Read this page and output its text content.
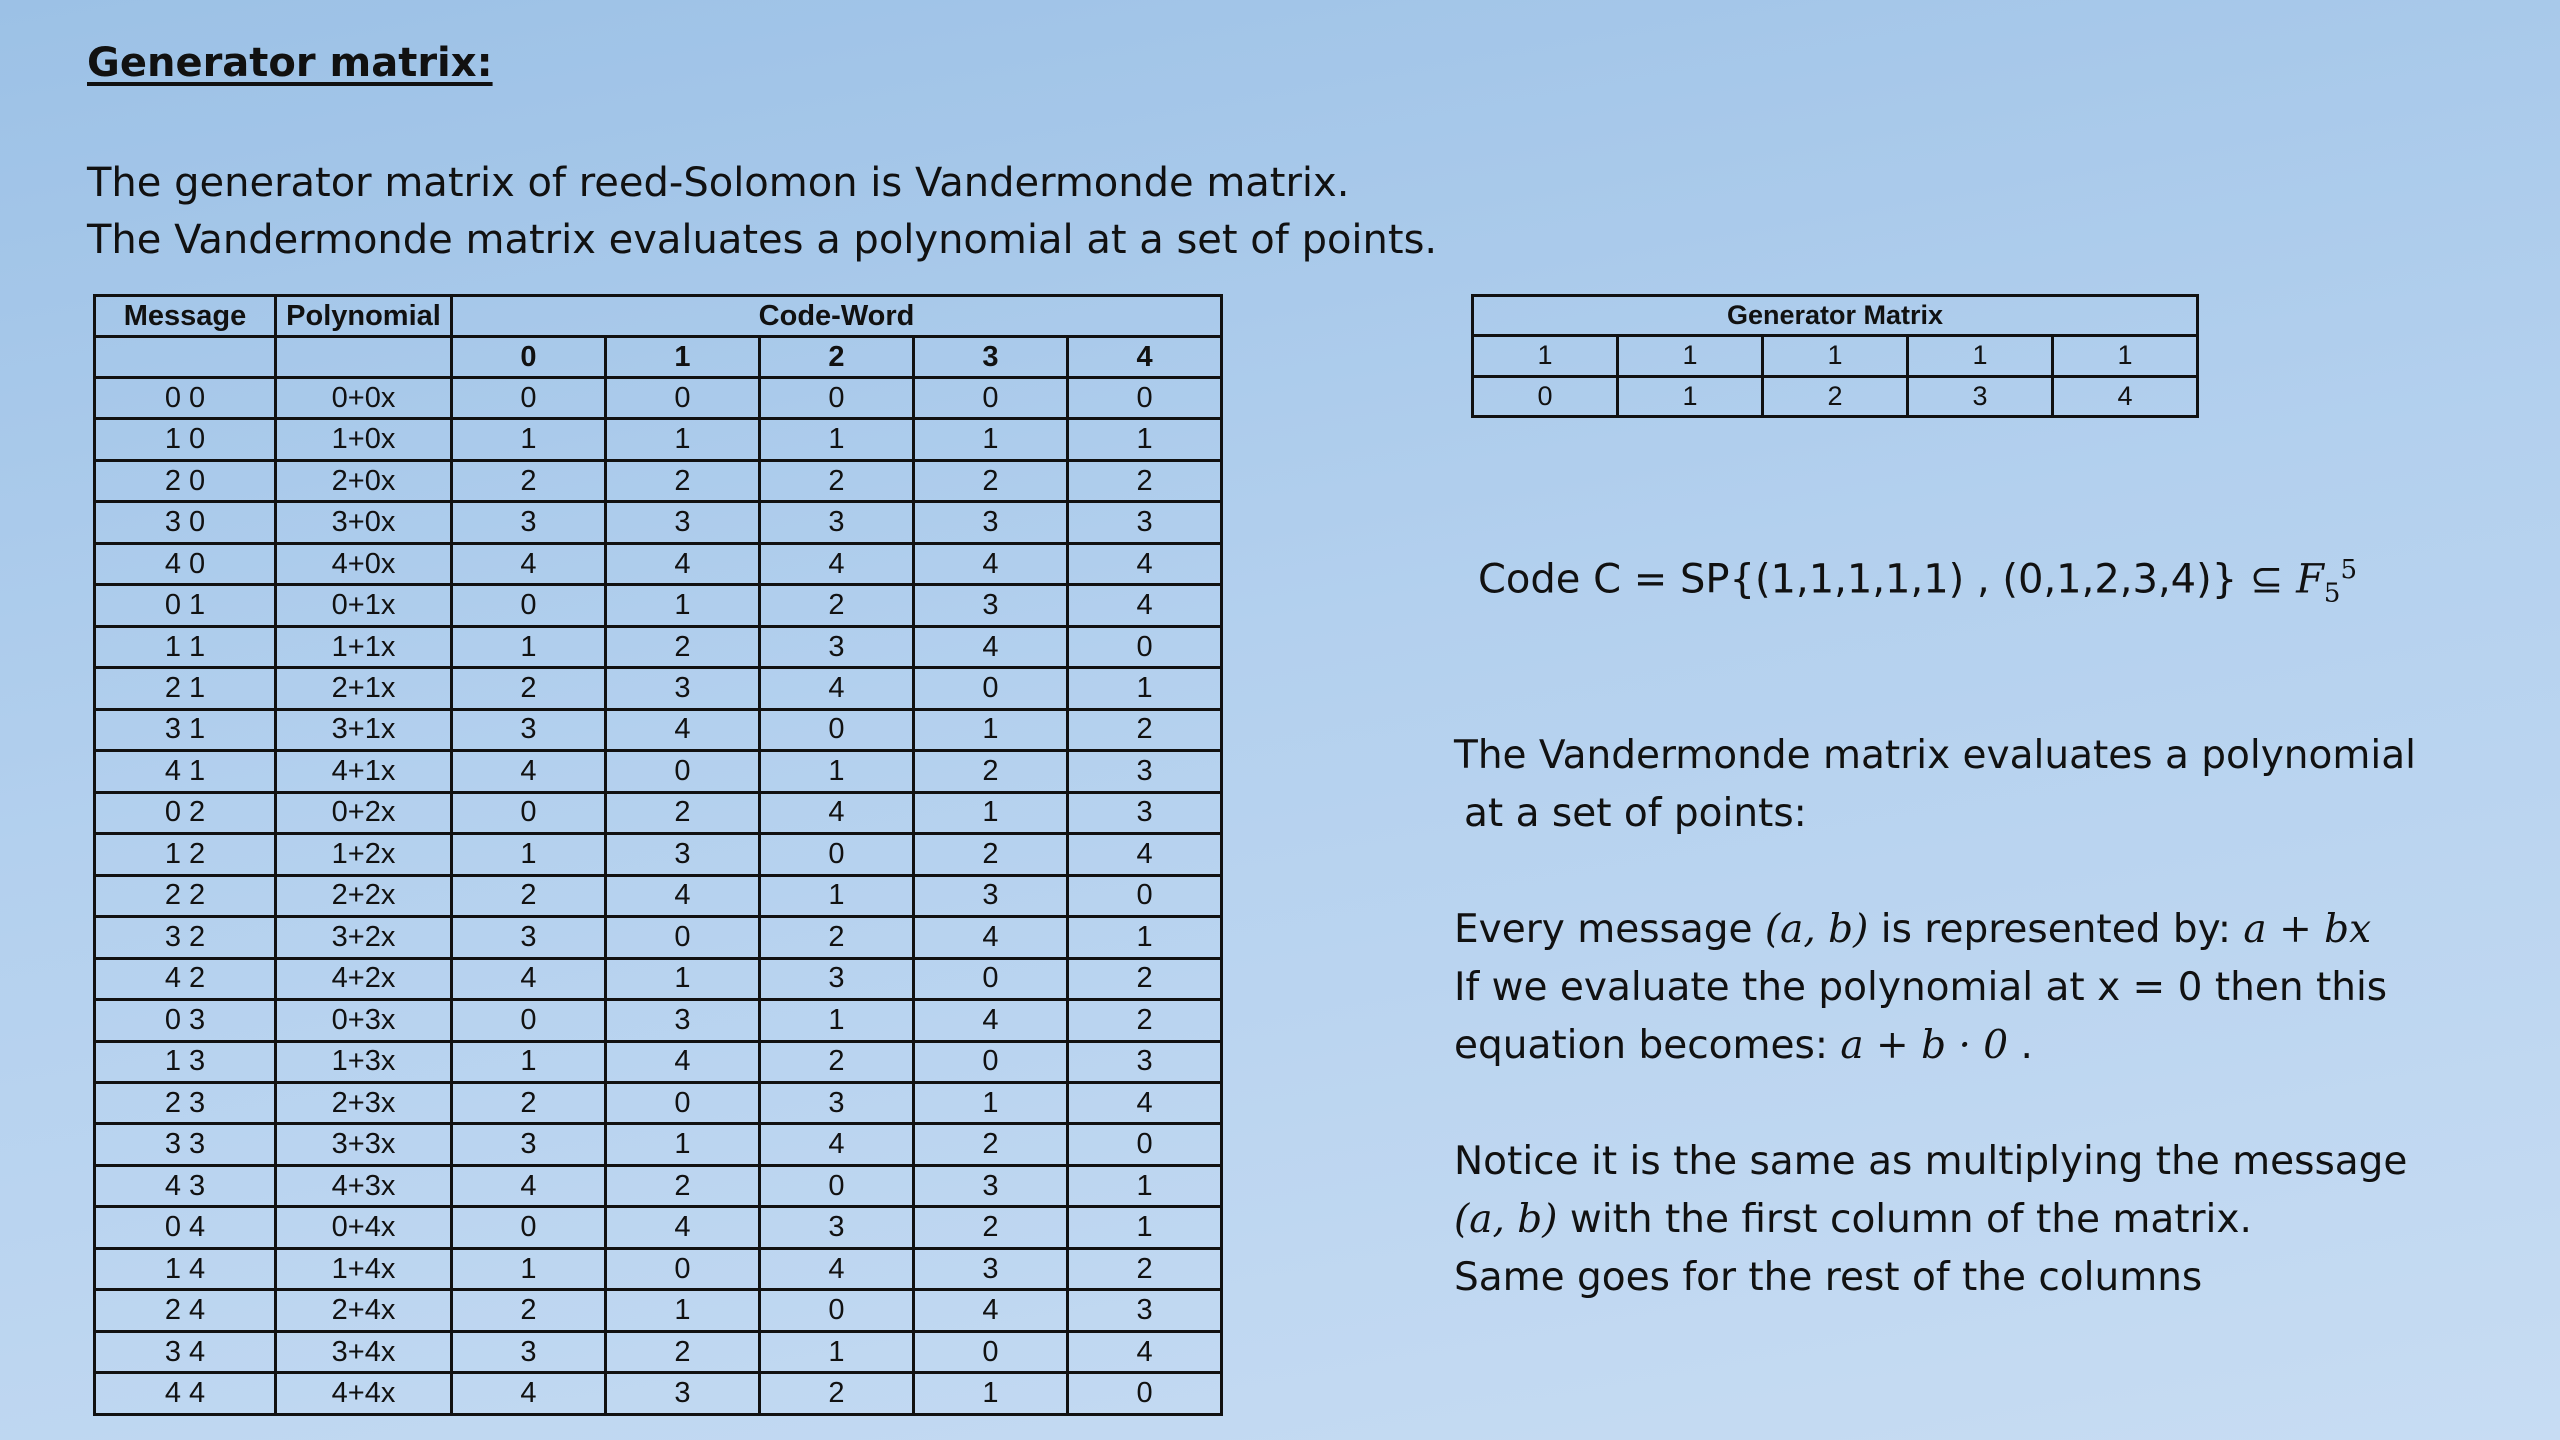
Generator matrix:
The generator matrix of reed-Solomon is Vandermonde matrix.
The Vandermonde matrix evaluates a polynomial at a set of points.
Message	Polynomial	Code-Word				
		0	1	2	3	4
0 0	0+0x	0	0	0	0	0
1 0	1+0x	1	1	1	1	1
2 0	2+0x	2	2	2	2	2
3 0	3+0x	3	3	3	3	3
4 0	4+0x	4	4	4	4	4
0 1	0+1x	0	1	2	3	4
1 1	1+1x	1	2	3	4	0
2 1	2+1x	2	3	4	0	1
3 1	3+1x	3	4	0	1	2
4 1	4+1x	4	0	1	2	3
0 2	0+2x	0	2	4	1	3
1 2	1+2x	1	3	0	2	4
2 2	2+2x	2	4	1	3	0
3 2	3+2x	3	0	2	4	1
4 2	4+2x	4	1	3	0	2
0 3	0+3x	0	3	1	4	2
1 3	1+3x	1	4	2	0	3
2 3	2+3x	2	0	3	1	4
3 3	3+3x	3	1	4	2	0
4 3	4+3x	4	2	0	3	1
0 4	0+4x	0	4	3	2	1
1 4	1+4x	1	0	4	3	2
2 4	2+4x	2	1	0	4	3
3 4	3+4x	3	2	1	0	4
4 4	4+4x	4	3	2	1	0
Generator Matrix				
1	1	1	1	1
0	1	2	3	4
Code C = SP{(1,1,1,1,1) , (0,1,2,3,4)} ⊆ $F_5^5$
The Vandermonde matrix evaluates a polynomial
at a set of points:
Every message (a, b) is represented by: a + bx
If we evaluate the polynomial at x = 0 then this
equation becomes: a + b · 0 .
Notice it is the same as multiplying the message
(a, b) with the first column of the matrix.
Same goes for the rest of the columns
